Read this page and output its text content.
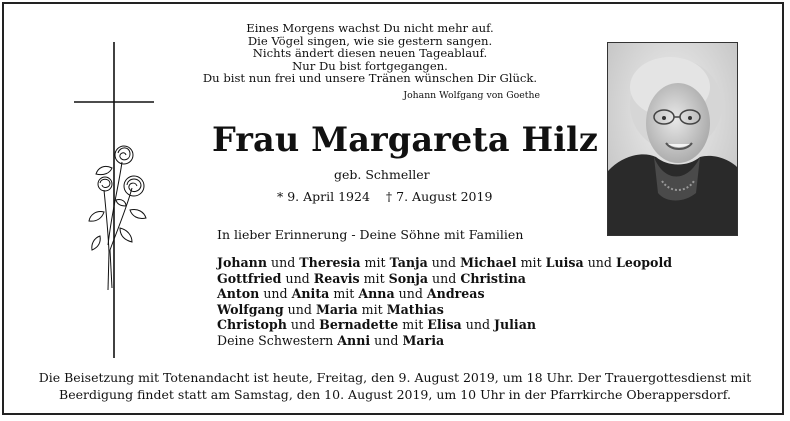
Eines Morgens wachst Du nicht mehr auf.
Die Vögel singen, wie sie gestern sangen.
Nichts ändert diesen neuen Tageablauf.
Nur Du bist fortgegangen.
Du bist nun frei und unsere Tränen wünschen Dir Glück.
Johann Wolfgang von Goethe
Frau Margareta Hilz
geb. Schmeller
* 9. April 1924 † 7. August 2019
In lieber Erinnerung - Deine Söhne mit Familien
Johann und Theresia mit Tanja und Michael mit Luisa und Leopold
Gottfried und Reavis mit Sonja und Christina
Anton und Anita mit Anna und Andreas
Wolfgang und Maria mit Mathias
Christoph und Bernadette mit Elisa und Julian
Deine Schwestern Anni und Maria
Die Beisetzung mit Totenandacht ist heute, Freitag, den 9. August 2019, um 18 Uhr. Der Trauergottesdienst mit
Beerdigung findet statt am Samstag, den 10. August 2019, um 10 Uhr in der Pfarrkirche Oberappersdorf.
